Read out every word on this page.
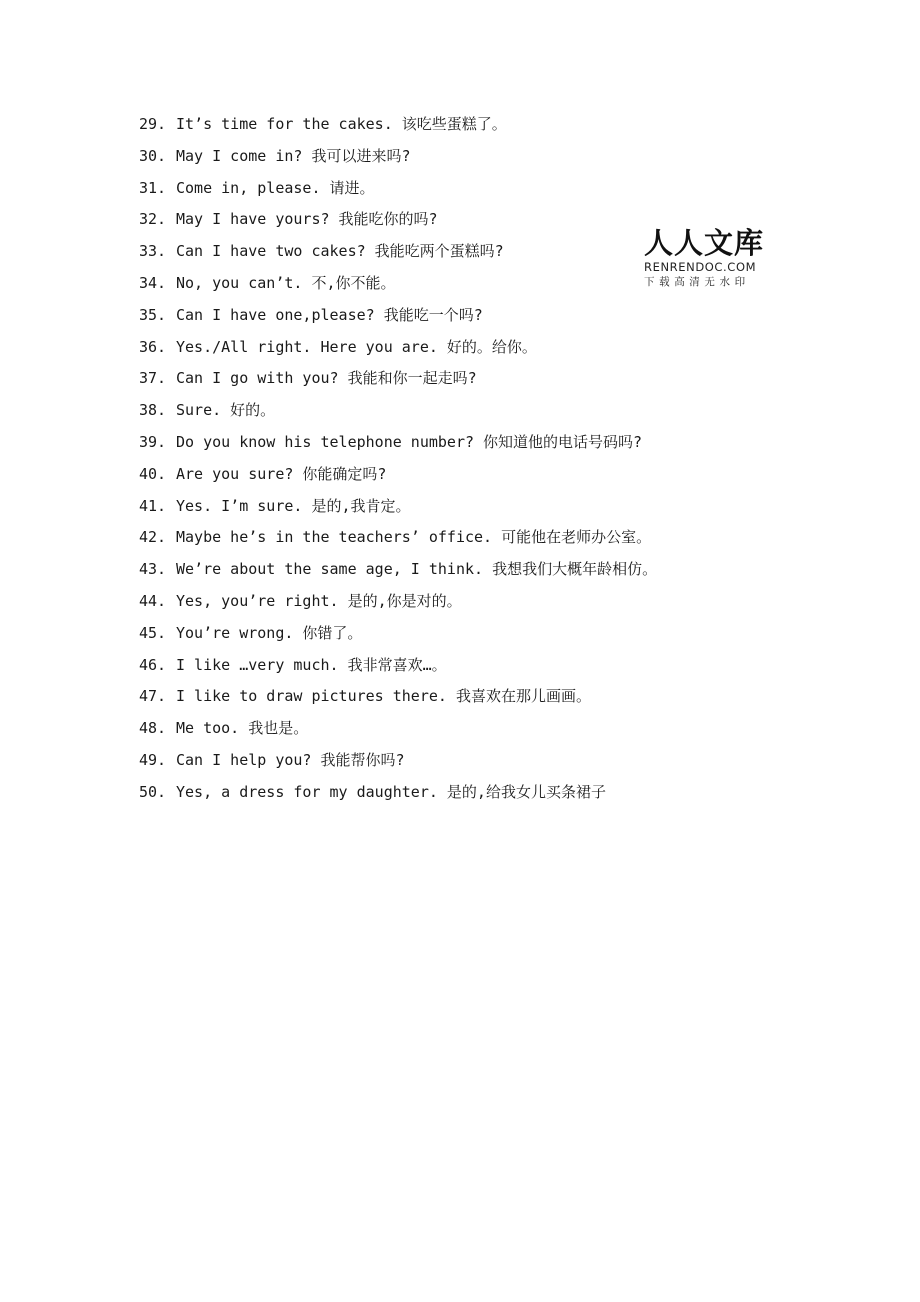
人人文库
RENRENDOC.COM
下载高清无水印
29. It’s time for the cakes. 该吃些蛋糕了。
30. May I come in? 我可以进来吗?
31. Come in, please. 请进。
32. May I have yours? 我能吃你的吗?
33. Can I have two cakes? 我能吃两个蛋糕吗?
34. No, you can’t. 不,你不能。
35. Can I have one,please? 我能吃一个吗?
36. Yes./All right. Here you are. 好的。给你。
37. Can I go with you? 我能和你一起走吗?
38. Sure. 好的。
39. Do you know his telephone number? 你知道他的电话号码吗?
40. Are you sure? 你能确定吗?
41. Yes. I’m sure. 是的,我肯定。
42. Maybe he’s in the teachers’ office. 可能他在老师办公室。
43. We’re about the same age, I think. 我想我们大概年龄相仿。
44. Yes, you’re right. 是的,你是对的。
45. You’re wrong. 你错了。
46. I like …very much. 我非常喜欢…。
47. I like to draw pictures there. 我喜欢在那儿画画。
48. Me too. 我也是。
49. Can I help you? 我能帮你吗?
50. Yes, a dress for my daughter. 是的,给我女儿买条裙子
